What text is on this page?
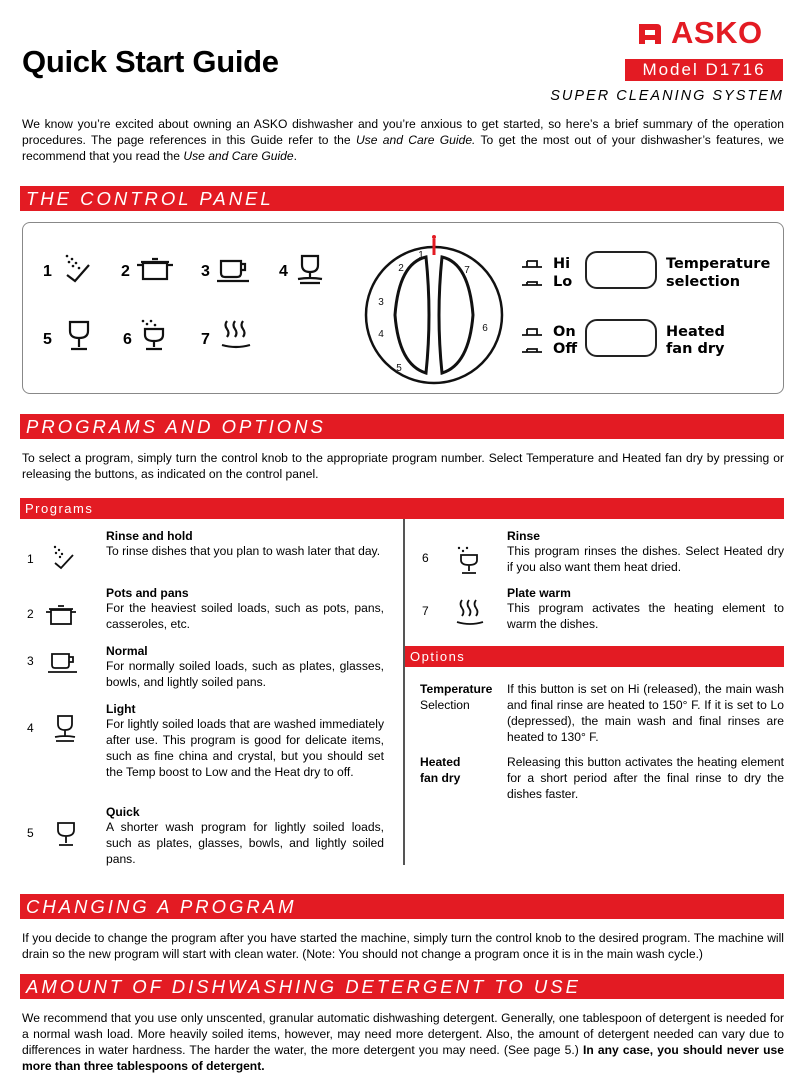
Quick Start Guide
ASKO
Model D1716
SUPER CLEANING SYSTEM
We know you’re excited about owning an ASKO dishwasher and you’re anxious to get started, so here’s a brief summary of the operation procedures. The page references in this Guide refer to the Use and Care Guide. To get the most out of your dishwasher’s features, we recommend that you read the Use and Care Guide.
THE CONTROL PANEL
1	2	3	4
5	6	7
1
2
3
4
5
6
7	Hi
Lo
Temperature
selection
On
Off
Heated
fan dry
PROGRAMS AND OPTIONS
To select a program, simply turn the control knob to the appropriate program number. Select Temperature and Heated fan dry by pressing or releasing the buttons, as indicated on the control panel.
Programs
1
Rinse and hold
To rinse dishes that you plan to wash later that day.
2
Pots and pans
For the heaviest soiled loads, such as pots, pans, casseroles, etc.
3
Normal
For normally soiled loads, such as plates, glasses, bowls, and lightly soiled pans.
4
Light
For lightly soiled loads that are washed immediately after use. This program is good for delicate items, such as fine china and crystal, but you should set the Temp boost to Low and the Heat dry to off.
5
Quick
A shorter wash program for lightly soiled loads, such as plates, glasses, bowls, and lightly soiled pans.
6
Rinse
This program rinses the dishes. Select Heated dry if you also want them heat dried.
7
Plate warm
This program activates the heating element to warm the dishes.
Options
Temperature
Selection
If this button is set on Hi (released), the main wash and final rinse are heated to 150° F. If it is set to Lo (depressed), the main wash and final rinses are heated to 130° F.
Heated
fan dry
Releasing this button activates the heating element for a short period after the final rinse to dry the dishes faster.
CHANGING A PROGRAM
If you decide to change the program after you have started the machine, simply turn the control knob to the desired program. The machine will drain so the new program will start with clean water. (Note: You should not change a program once it is in the main wash cycle.)
AMOUNT OF DISHWASHING DETERGENT TO USE
We recommend that you use only unscented, granular automatic dishwashing detergent. Generally, one tablespoon of detergent is needed for a normal wash load. More heavily soiled items, however, may need more detergent. Also, the amount of detergent needed can vary due to differences in water hardness. The harder the water, the more detergent you may need. (See page 5.) In any case, you should never use more than three tablespoons of detergent.
